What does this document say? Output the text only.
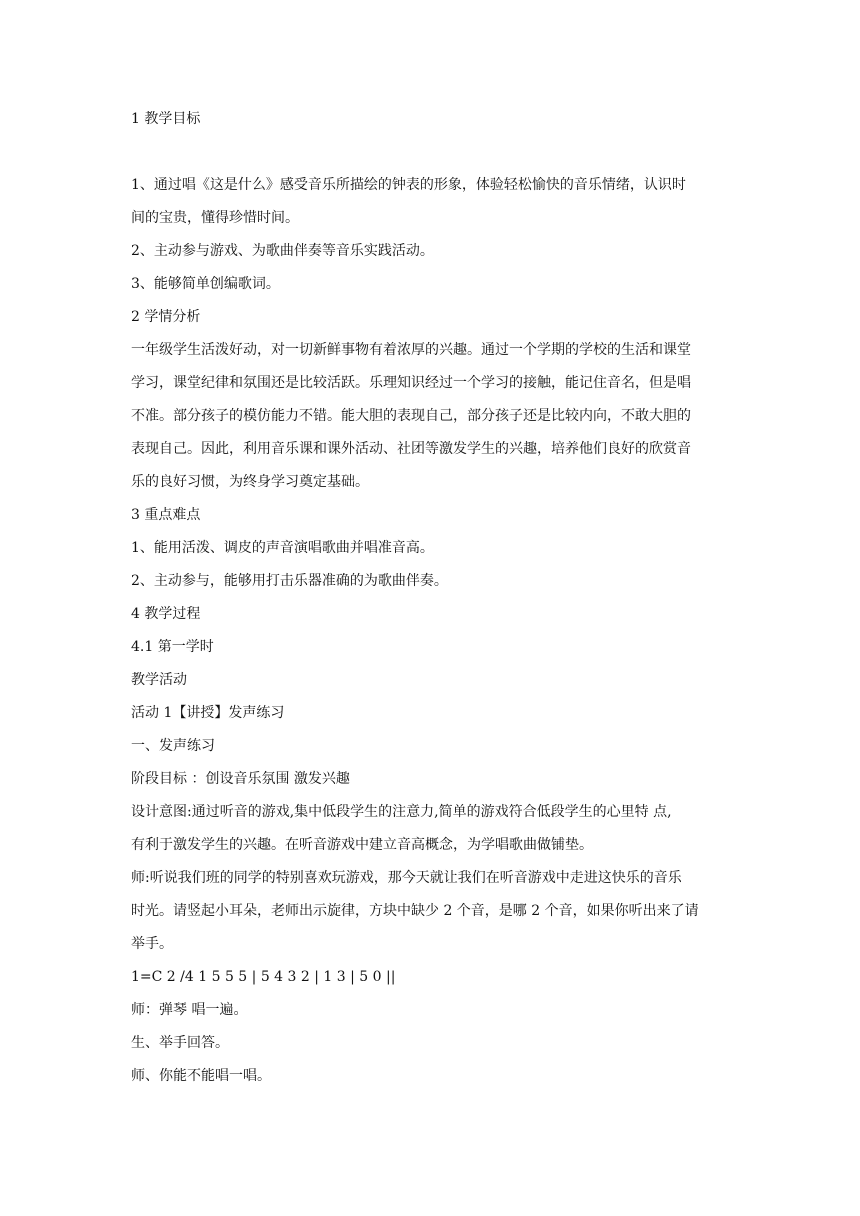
1 教学目标

1、通过唱《这是什么》感受音乐所描绘的钟表的形象，体验轻松愉快的音乐情绪，认识时

间的宝贵，懂得珍惜时间。

2、主动参与游戏、为歌曲伴奏等音乐实践活动。

3、能够简单创编歌词。

2 学情分析

一年级学生活泼好动，对一切新鲜事物有着浓厚的兴趣。通过一个学期的学校的生活和课堂

学习，课堂纪律和氛围还是比较活跃。乐理知识经过一个学习的接触，能记住音名，但是唱

不准。部分孩子的模仿能力不错。能大胆的表现自己，部分孩子还是比较内向，不敢大胆的

表现自己。因此，利用音乐课和课外活动、社团等激发学生的兴趣，培养他们良好的欣赏音

乐的良好习惯，为终身学习奠定基础。

3 重点难点

1、能用活泼、调皮的声音演唱歌曲并唱准音高。

2、主动参与，能够用打击乐器准确的为歌曲伴奏。

4 教学过程

4.1 第一学时

教学活动

活动 1【讲授】发声练习

一、发声练习

阶段目标 ：创设音乐氛围 激发兴趣

设计意图:通过听音的游戏,集中低段学生的注意力,简单的游戏符合低段学生的心里特 点,

有利于激发学生的兴趣。在听音游戏中建立音高概念，为学唱歌曲做铺垫。

师:听说我们班的同学的特别喜欢玩游戏，那今天就让我们在听音游戏中走进这快乐的音乐

时光。请竖起小耳朵，老师出示旋律，方块中缺少 2 个音，是哪 2 个音，如果你听出来了请

举手。

1=C 2 /4 1 5 5 5 | 5 4 3 2 | 1 3 | 5 0 ||

师：弹琴 唱一遍。

生、举手回答。

师、你能不能唱一唱。
